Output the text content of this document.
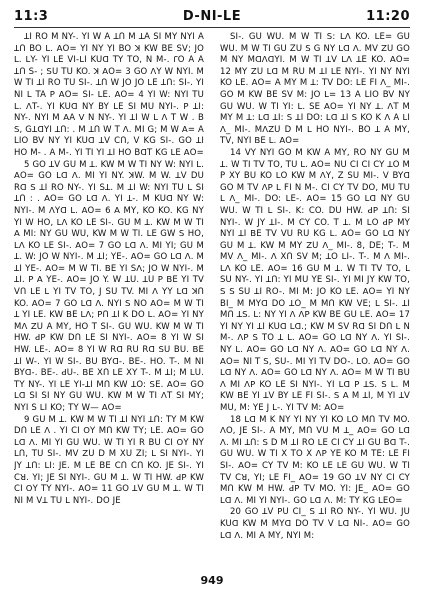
11:3	D-NI-LE	11:20

ꓕI RO M NY-. YI W A ꓕՈ M ꓕA SI MY NYI A ꓕՈ BO ꓡ. ꓮO= YI NY YI BO ꓘ KW BE SV; JO ꓡ. ꓡY- YI ꓡE VI-ꓡI KUꓷ TY TO, N M-. ꓩO A A ꓕՈ S- ; ꓢU TU KO. ꓘ ꓮO= 3 GO ꓥY W NYI. M W TI ꓕI RO TU SI-. ꓕՈ W JO JO ꓡE ꓕՈ: SI-. YI NI ꓡ TA ꓑ ꓮO= SI- ꓡE. ꓮO= 4 YI W: NYI TU ꓡ. ꓥT-. YI KUꓷ NY BY ꓡE SI MU NYI-. ꓑ ꓕI: NY-. NYI M ꓮA ꓦ N NY-. YI ꓕI W ꓡ ꓥ T W . B ꓢ, GꓕꓷYI ꓕՈ: . M ꓕՈ W T ꓥ. MI G; M W ꓮ= A LIO BV NY YI KUꓷ ꓕV CՈ, V KG SI-. GO ꓕI HO M- . A M-. YI TI YI ꓕI HO BꓷT KG ꓡE ꓮO=

5 GO ꓕV GU M ꓕ. KW M W TI NY W: NYI ꓡ. ꓮO= GO ꓡꓷ ꓥ. MI YI NY. ꓘW. M W. ꓕV DU Rꓷ ꓢ ꓕI RO NY-. YI Sꓕ. M ꓕI W: NYI TU ꓡ SI ꓕՈ : . ꓮO= GO ꓡꓷ ꓥ. YI ꓕ-. M KUꓷ NY W: NYI-. M ꓥYꓷ ꓡ. ꓮO= 6 ꓮ MY, KO KO. KG NY YI W HO, ꓡꓥ KO ꓡE SI-. GU M ꓕ. KW M W TI ꓮ MI: NY GU WU, KW M W TI. ꓡE GW ꓢ HO, ꓡꓥ KO ꓡE SI-. ꓮO= 7 GO ꓡꓷ ꓥ. MI YI; GU M ꓕ. W: JO W NYI-. M ꓕI; YE-. ꓮO= GO ꓡꓷ ꓥ. M ꓕI YE-. ꓮO= M W TI. ꓐE YI Sꓥ; JO W NYI-. M ꓕI. ꓑ ꓮ YE-. ꓮO= JO Y. W ꓕU. ꓕU ꓑ ꓐE YI TV VՈ ꓡE ꓡ YI TV TO, J SU TV. MI ꓥ YY ꓡꓷ ꓘՈ KO. ꓮO= 7 GO ꓡꓷ ꓥ. NYI ꓢ NO ꓮO= M W TI ꓕ YI ꓡE. KW ꓐE ꓡꓥ; ꓑՈ ꓕI K DO ꓡ. ꓮO= YI NY Mꓥ ꓜU A MY, HO T SI-. GU WU. KW M W TI HW. ꓒꓑ KW DՈ ꓡE SI NYI-. ꓮO= 8 YI W SI HW. ꓡE-. ꓮO= 8 YI W Rꓷ RU Rꓷ ꓢU BU. ꓐE ꓕI W-. YI W SI-. BU BYꓷ-. BE-. HO. T-. M NI BYꓷ-. BE-. ꓒU-. ꓐE XՈ ꓡE XY T-. M ꓕI; M ꓡU. TY NY-. YI ꓡE YI-ꓕI MՈ KW ꓕO: ꓢE. ꓮO= GO ꓡꓷ SI SI NY GU WU. KW M W TI ꓥT SI MY; NYI S ꓡI KO; TY W— ꓮO=

9 GU M ꓕ. KW M W TI ꓕI NYI ꓕՈ: TY M KW DՈ ꓡE ꓥ . YI CI ꓳY MՈ KW TY; ꓡE. ꓮO= GO ꓡꓷ ꓥ. MI YI GU WU. W TI YI R BU CI ꓳY NY ꓡՈ, TU SI-. MV ꓜU D M XU ZI; ꓡ SI NYI-. YI JY ꓕՈ: ꓡI: JE. M ꓡE BE CՈ CՈ KO. JE SI-. YI Cꓤ. YI; JE SI NYI-. GU M ꓕ. W TI HW. ꓒꓑ KW CI ꓳY TY NYI-. ꓮO= 11 GO ꓕV GU M ꓕ. W TI NI M Vꓕ TU ꓡ NYI-. DO JE

SI-. GU WU. M W TI ꓢ: ꓡꓥ KO. ꓡE= GU WU. M W TI GU ZU ꓢ G NY ꓡꓷ ꓥ. MV ꓜU GO M NY MꓷꓥꓷYI. M W TI ꓕV ꓡꓥ ꓕE KO. ꓮO= 12 MY ꓜU ꓡꓷ M RU M ꓕI ꓡE NYI-. YI NY NYI KO ꓡE. ꓮO= A MY M ꓕ: TV DO: ꓡE FI ꓥ_ MI-. GO M KW BE SV M: JO ꓡ= 13 A LIO BV NY GU WU. W TI YI: ꓡ. SE ꓮO= YI NY ꓕ. ꓥT M MY M ꓕ: ꓡꓷ ꓕI: ꓢ ꓕI DO: ꓡꓷ ꓕI ꓢ KO K ꓥ A ꓡI ꓥ_ MI-. MꓥꓜU D M ꓡ HO NYI-. BO ꓕ A MY, TV, NYI ꓐE ꓡ. ꓮO=

14 VY NYI GO M KW A MY, RO NY GU M ꓕ. W TI TV TO, TU ꓡ. ꓮO= NU CI CI CY ꓕO M P XY BU KO ꓡO KW M ꓥY, Z SU MI-. V BYꓷ GO M TV ꓥꓑ ꓡ FI N M-. CI CY TV DO, MU TU ꓡ ꓥ_ MI-. DO: ꓡE-. ꓮO= 15 GO ꓡꓷ NY GU WU. W TI ꓡ SI-. K: CO. DU HW. ꓒꓑ ꓕՈ: SI NYI-. W JY ꓕI-. M CY CO. T ꓕ. M ꓡO ꓒꓑ MY NYI ꓕI ꓐE TV VU RU KG ꓡ. ꓮO= GO ꓡꓷ NY GU M ꓕ. KW M MY ꓜU ꓥ_ MI-. 8, DE; T-. M MV ꓥ_ MI-. ꓥ XՈ SV M; ꓕO ꓡI-. T-. M ꓥ MI-. ꓡꓥ KO ꓡE. ꓮO= 16 GU M ꓕ. W TI TV TO, ꓡ SU NY-. YI ꓕՈ: YI MU YE SI-. YI MI JY KW TO, ꓢ ꓢ SU ꓕI RO-. MI M: JO KO ꓡE. ꓮO= YI NY BI_ M MYꓷ DO ꓕO_ M MՈ KW VE; ꓡ SI-. ꓕI MՈ ꓕꓢ. ꓡ: NY YI ꓥ ꓥꓑ KW BE GU ꓡE. ꓮO= 17 YI NY YI ꓕI KUꓷ ꓡꓷ.; KW M SV Rꓷ SI DՈ ꓡ N M-. ꓥꓑ ꓢ TO ꓕ ꓡ. ꓮO= GO ꓡꓷ NY ꓥ. YI SI-. NY ꓡ. ꓮO= GO ꓡꓷ NY ꓥ. ꓮO= GO ꓡꓷ NY ꓥ. ꓮO= NI T ꓢ, SU-. MI YI TV DO-. ꓡO. ꓮO= GO ꓡꓷ NY ꓥ. ꓮO= GO ꓡꓷ NY ꓥ. ꓮO= M W TI ꓐU ꓥ MI ꓥꓑ KO ꓡE SI NYI-. YI ꓡꓷ ꓑ ꓕꓢ. ꓢ ꓡ. M KW ꓐE YI ꓕV BY ꓡE FI SI-. ꓢ ꓮ M ꓕI, M YI ꓕV MU, M: YE J ꓡ-. YI TV M: ꓮO=

18 ꓡꓷ M K NY YI NY YI KO ꓡO MՈ TV MO. ꓥO, JE SI-. A MY, MՈ VU M ꓕ_ ꓮO= GO ꓡꓷ ꓥ. MI ꓕՈ: ꓢ D M ꓕI RO ꓡE CI CY ꓕI GU Bꓷ T-. GU WU. W TI X TO X ꓥꓑ YE KO M TE: ꓡE FI SI-. ꓮO= CY TV M: KO ꓡE ꓡE GU WU. W TI TV Cꓤ, YI; ꓡE FI_ ꓮO= 19 GO ꓕV NY CI CY MՈ KW M HW. ꓒꓑ TV MO. YI: JE_ ꓮO= GO ꓡꓷ ꓥ. MI YI NYI-. GO ꓡꓷ ꓥ. M: TY KG ꓡEO=

20 GO ꓕV ꓑU CI_ ꓢ ꓕI RO NY-. YI WU. JU KUꓷ KW M MYꓷ DO TV V ꓡꓷ NI-. ꓮO= GO ꓡꓷ ꓥ. MI A MY, NYI M:

949
